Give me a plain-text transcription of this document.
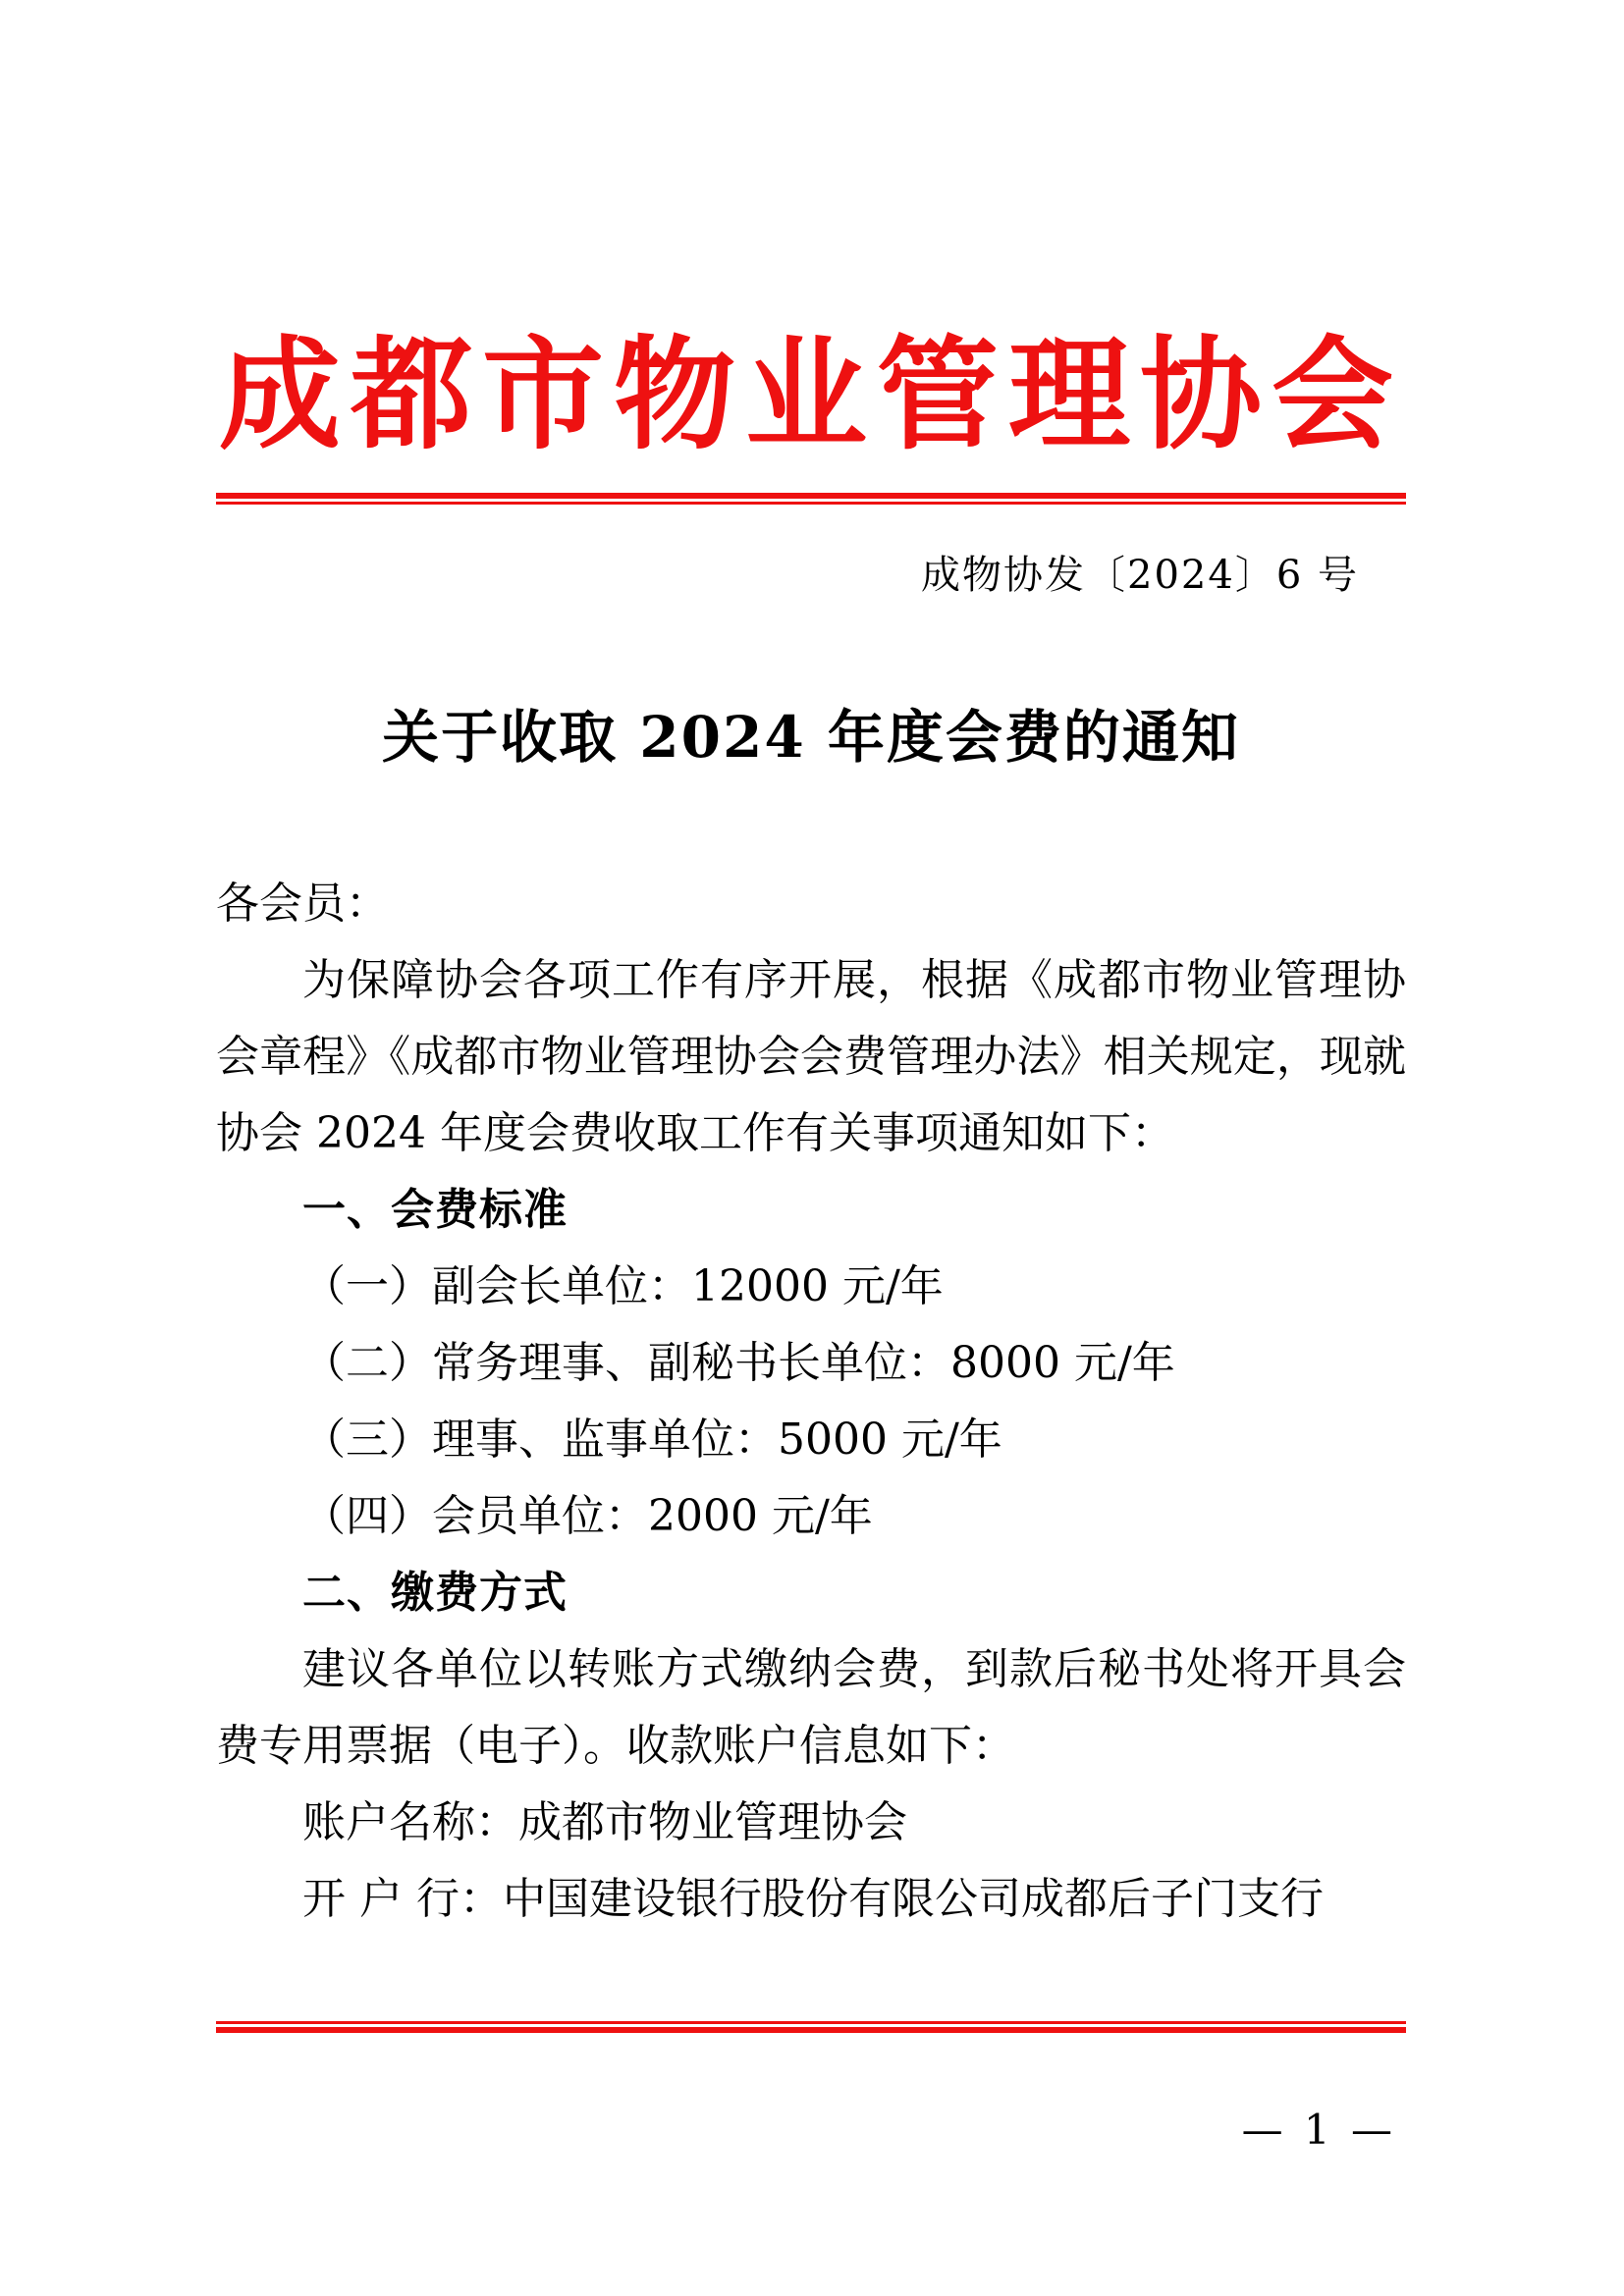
成都市物业管理协会
成物协发〔2024〕6 号
关于收取 2024 年度会费的通知

各会员：

为保障协会各项工作有序开展，根据《成都市物业管理协会章程》《成都市物业管理协会会费管理办法》相关规定，现就协会 2024 年度会费收取工作有关事项通知如下：

一、会费标准

（一）副会长单位：12000 元/年

（二）常务理事、副秘书长单位：8000 元/年

（三）理事、监事单位：5000 元/年

（四）会员单位：2000 元/年

二、缴费方式

建议各单位以转账方式缴纳会费，到款后秘书处将开具会费专用票据（电子）。收款账户信息如下：

账户名称：成都市物业管理协会

开 户 行：中国建设银行股份有限公司成都后子门支行

— 1 —
